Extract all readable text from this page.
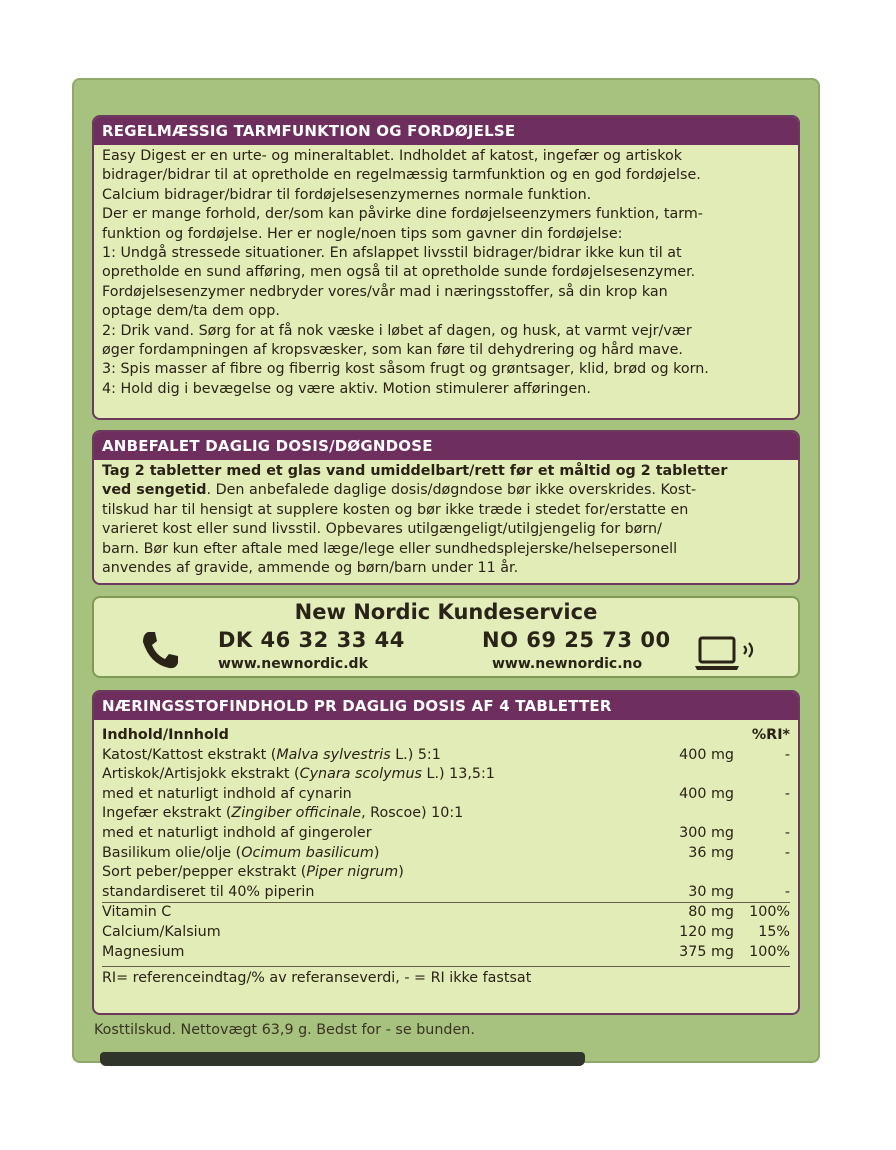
REGELMÆSSIG TARMFUNKTION OG FORDØJELSE

Easy Digest er en urte- og mineraltablet. Indholdet af katost, ingefær og artiskok

bidrager/bidrar til at opretholde en regelmæssig tarmfunktion og en god fordøjelse.

Calcium bidrager/bidrar til fordøjelsesenzymernes normale funktion.

Der er mange forhold, der/som kan påvirke dine fordøjelseenzymers funktion, tarm-

funktion og fordøjelse. Her er nogle/noen tips som gavner din fordøjelse:

1: Undgå stressede situationer. En afslappet livsstil bidrager/bidrar ikke kun til at

opretholde en sund afføring, men også til at opretholde sunde fordøjelsesenzymer.

Fordøjelsesenzymer nedbryder vores/vår mad i næringsstoffer, så din krop kan

optage dem/ta dem opp.

2: Drik vand. Sørg for at få nok væske i løbet af dagen, og husk, at varmt vejr/vær

øger fordampningen af kropsvæsker, som kan føre til dehydrering og hård mave.

3: Spis masser af fibre og fiberrig kost såsom frugt og grøntsager, klid, brød og korn.

4: Hold dig i bevægelse og være aktiv. Motion stimulerer afføringen.

ANBEFALET DAGLIG DOSIS/DØGNDOSE

Tag 2 tabletter med et glas vand umiddelbart/rett før et måltid og 2 tabletter

ved sengetid. Den anbefalede daglige dosis/døgndose bør ikke overskrides. Kost-

tilskud har til hensigt at supplere kosten og bør ikke træde i stedet for/erstatte en

varieret kost eller sund livsstil. Opbevares utilgængeligt/utilgjengelig for børn/

barn. Bør kun efter aftale med læge/lege eller sundhedsplejerske/helsepersonell

anvendes af gravide, ammende og børn/barn under 11 år.

New Nordic Kundeservice
DK 46 32 33 44	NO 69 25 73 00
www.newnordic.dk	www.newnordic.no
NÆRINGSSTOFINDHOLD PR DAGLIG DOSIS AF 4 TABLETTER
Indhold/Innhold		%RI*
Katost/Kattost ekstrakt (Malva sylvestris L.) 5:1	400 mg	-
Artiskok/Artisjokk ekstrakt (Cynara scolymus L.) 13,5:1		
med et naturligt indhold af cynarin	400 mg	-
Ingefær ekstrakt (Zingiber officinale, Roscoe) 10:1		
med et naturligt indhold af gingeroler	300 mg	-
Basilikum olie/olje (Ocimum basilicum)	36 mg	-
Sort peber/pepper ekstrakt (Piper nigrum)		
standardiseret til 40% piperin	30 mg	-
Vitamin C	80 mg	100%
Calcium/Kalsium	120 mg	15%
Magnesium	375 mg	100%
RI= referenceindtag/% av referanseverdi, - = RI ikke fastsat
Kosttilskud. Nettovægt 63,9 g. Bedst for - se bunden.
